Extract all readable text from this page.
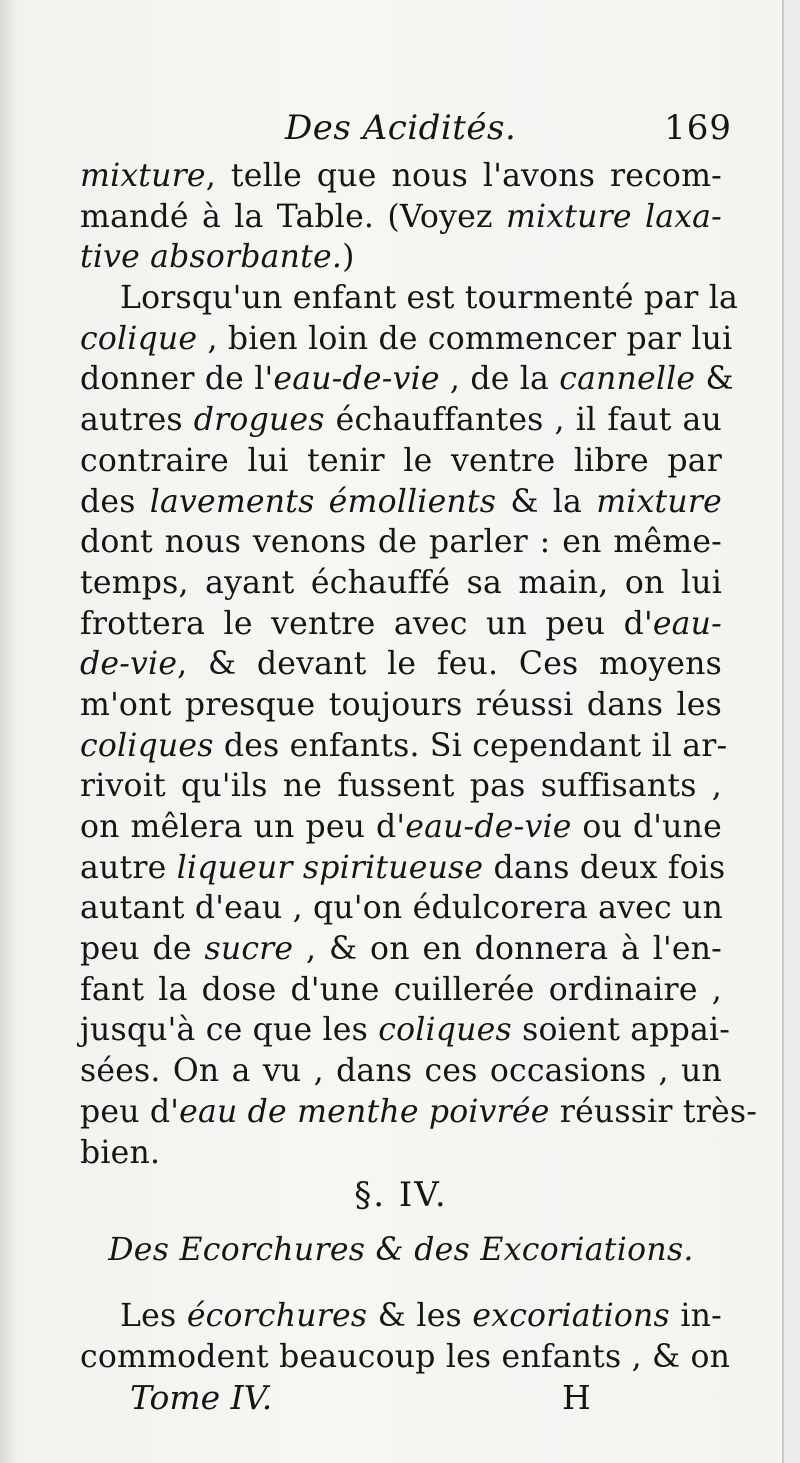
Des Acidités.	169
mixture, telle que nous l'avons recom-
mandé à la Table. (Voyez mixture laxa-
tive absorbante.)
Lorsqu'un enfant est tourmenté par la
colique , bien loin de commencer par lui
donner de l'eau-de-vie , de la cannelle &
autres drogues échauffantes , il faut au
contraire lui tenir le ventre libre par
des lavements émollients & la mixture
dont nous venons de parler : en même-
temps, ayant échauffé sa main, on lui
frottera le ventre avec un peu d'eau-
de-vie, & devant le feu. Ces moyens
m'ont presque toujours réussi dans les
coliques des enfants. Si cependant il ar-
rivoit qu'ils ne fussent pas suffisants ,
on mêlera un peu d'eau-de-vie ou d'une
autre liqueur spiritueuse dans deux fois
autant d'eau , qu'on édulcorera avec un
peu de sucre , & on en donnera à l'en-
fant la dose d'une cuillerée ordinaire ,
jusqu'à ce que les coliques soient appai-
sées. On a vu , dans ces occasions , un
peu d'eau de menthe poivrée réussir très-
bien.
§. IV.
Des Ecorchures & des Excoriations.
Les écorchures & les excoriations in-
commodent beaucoup les enfants , & on
Tome IV.	H
